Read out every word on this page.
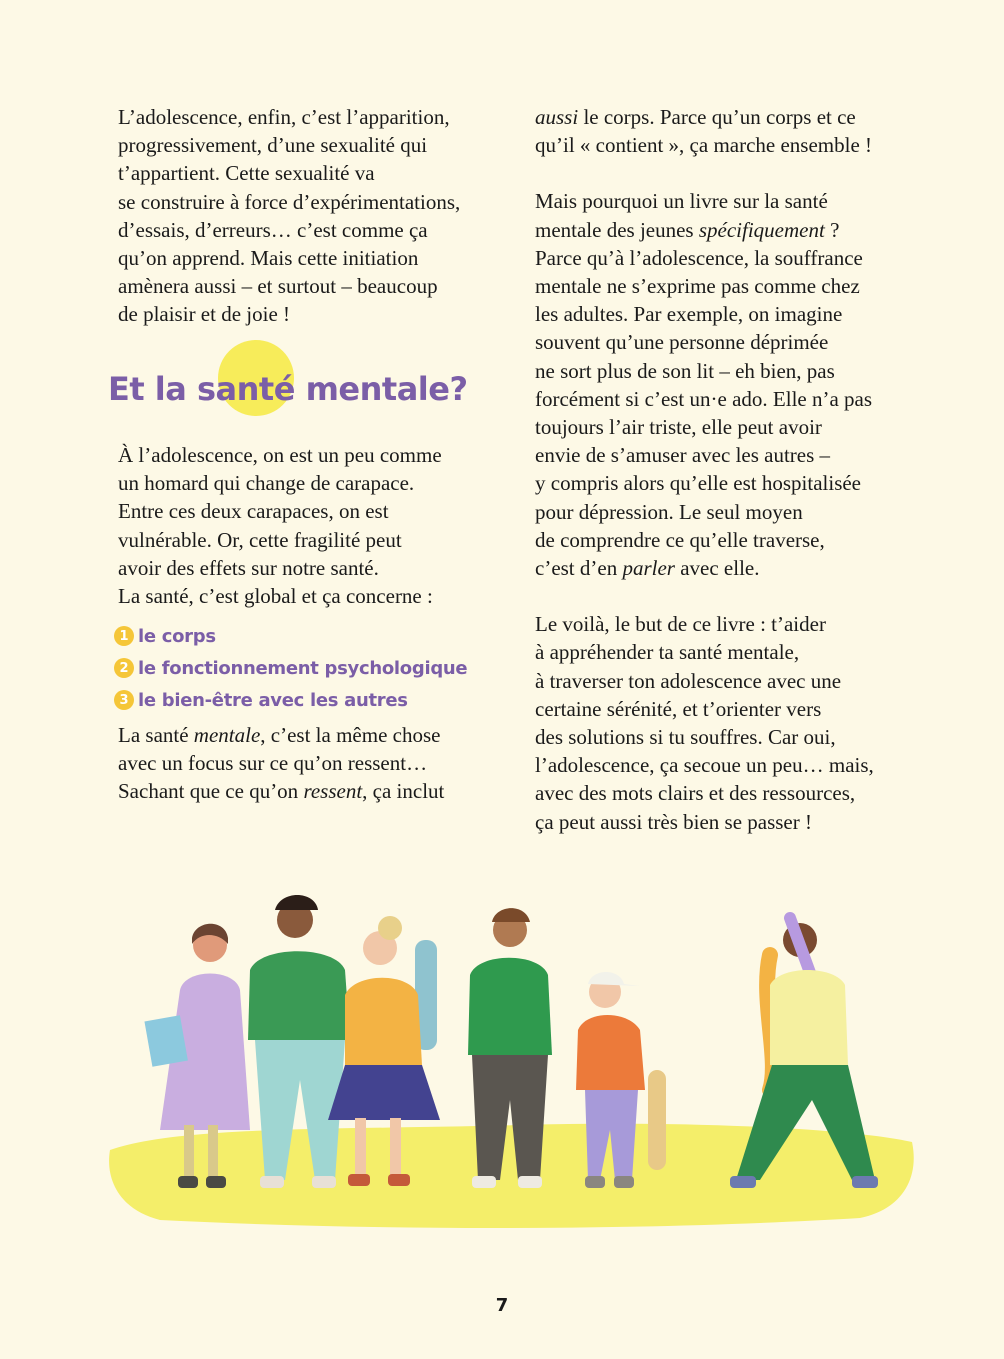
L’adolescence, enfin, c’est l’apparition,
progressivement, d’une sexualité qui
t’appartient. Cette sexualité va
se construire à force d’expérimentations,
d’essais, d’erreurs… c’est comme ça
qu’on apprend. Mais cette initiation
amènera aussi – et surtout – beaucoup
de plaisir et de joie !

Et la santé mentale?
À l’adolescence, on est un peu comme
un homard qui change de carapace.
Entre ces deux carapaces, on est
vulnérable. Or, cette fragilité peut
avoir des effets sur notre santé.
La santé, c’est global et ça concerne :
1 le corps
2 le fonctionnement psychologique
3 le bien-être avec les autres
La santé mentale, c’est la même chose
avec un focus sur ce qu’on ressent…
Sachant que ce qu’on ressent, ça inclut

aussi le corps. Parce qu’un corps et ce
qu’il « contient », ça marche ensemble !

Mais pourquoi un livre sur la santé
mentale des jeunes spécifiquement ?
Parce qu’à l’adolescence, la souffrance
mentale ne s’exprime pas comme chez
les adultes. Par exemple, on imagine
souvent qu’une personne déprimée
ne sort plus de son lit – eh bien, pas
forcément si c’est un·e ado. Elle n’a pas
toujours l’air triste, elle peut avoir
envie de s’amuser avec les autres –
y compris alors qu’elle est hospitalisée
pour dépression. Le seul moyen
de comprendre ce qu’elle traverse,
c’est d’en parler avec elle.

Le voilà, le but de ce livre : t’aider
à appréhender ta santé mentale,
à traverser ton adolescence avec une
certaine sérénité, et t’orienter vers
des solutions si tu souffres. Car oui,
l’adolescence, ça secoue un peu… mais,
avec des mots clairs et des ressources,
ça peut aussi très bien se passer !

7
